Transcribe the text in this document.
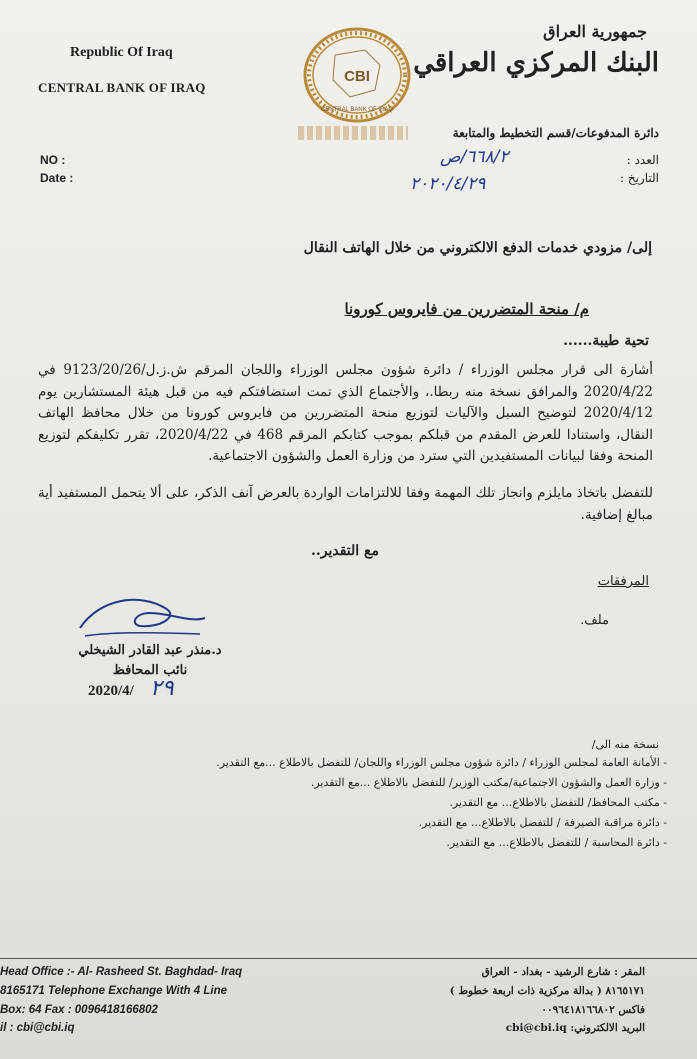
Republic Of Iraq
CENTRAL BANK OF IRAQ
CBI
CENTRAL BANK OF IRAQ
جمهورية العراق
البنك المركزي العراقي
دائرة المدفوعات/قسم التخطيط والمتابعة
NO :
Date :
العدد :
التاريخ :
٦٦٨/٢/ص
٢٠٢٠/٤/٢٩
إلى/ مزودي خدمات الدفع الالكتروني من خلال الهاتف النقال
م/ منحة المتضررين من فايروس كورونا
تحية طيبة......
أشارة الى قرار مجلس الوزراء / دائرة شؤون مجلس الوزراء واللجان المرقم ش.ز.ل/9123/20/26 في 2020/4/22 والمرافق نسخة منه ربطا.، والأجتماع الذي تمت استضافتكم فيه من قبل هيئة المستشارين يوم 2020/4/12 لتوضيح السبل والآليات لتوزيع منحة المتضررين من فايروس كورونا من خلال محافظ الهاتف النقال، واستنادا للعرض المقدم من قبلكم بموجب كتابكم المرقم 468 في 2020/4/22، تقرر تكليفكم لتوزيع المنحة وفقا لبيانات المستفيدين التي سترد من وزارة العمل والشؤون الاجتماعية.
للتفضل باتخاذ مايلزم وانجاز تلك المهمة وفقا للالتزامات الواردة بالعرض آنف الذكر، على ألا يتحمل المستفيد أية مبالغ إضافية.
مع التقدير..
المرفقات
ملف.
د.منذر عبد القادر الشيخلي
نائب المحافظ
2020/4/ ٢٩
نسخة منه الى/
- الأمانة العامة لمجلس الوزراء / دائرة شؤون مجلس الوزراء واللجان/ للتفضل بالاطلاع ...مع التقدير.
- وزارة العمل والشؤون الاجتماعية/مكتب الوزير/ للتفضل بالاطلاع ...مع التقدير.
- مكتب المحافظ/ للتفضل بالاطلاع... مع التقدير.
- دائرة مراقبة الصيرفة / للتفضل بالاطلاع... مع التقدير.
- دائرة المحاسبة / للتفضل بالاطلاع... مع التقدير.
Head Office :- Al- Rasheed St. Baghdad- Iraq
8165171 Telephone Exchange With 4 Line
Box: 64 Fax : 0096418166802
il : cbi@cbi.iq
المقر : شارع الرشيد - بغداد - العراق
٨١٦٥١٧١ ( بدالة مركزية ذات اربعة خطوط )
فاكس ٠٠٩٦٤١٨١٦٦٨٠٢
البريد الالكتروني: cbi@cbi.iq
